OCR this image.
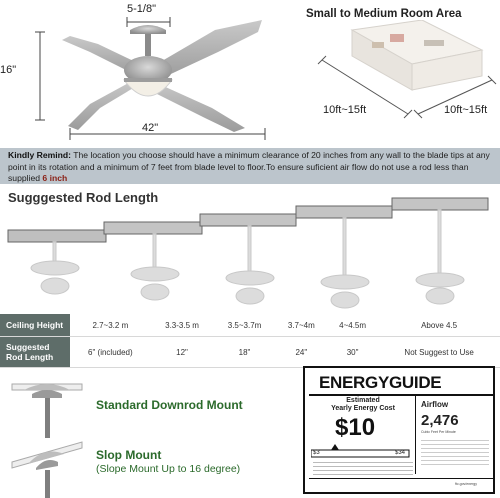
5-1/8"
16"
42"
Small to Medium Room Area
10ft~15ft	10ft~15ft
Kindly Remind: The location you choose should have a minimum clearance of 20 inches from any wall to the blade tips at any point in its rotation and a minimum of 7 feet from blade level to floor.To ensure suficient air flow do not use a rod less than supplied 6 inch
Sugggested Rod Length
Ceiling Height	2.7~3.2 m	3.3-3.5 m	3.5~3.7m	3.7~4m	4~4.5m	Above 4.5
Suggested Rod Length	6" (included)	12"	18"	24"	30"	Not Suggest to Use
Standard Downrod Mount
Slop Mount
(Slope Mount Up to 16 degree)
ENERGYGUIDE
Estimated
Yearly Energy Cost
$10
$3	$34
Airflow
2,476
Cubic Feet Per Minute
ftc.gov/energy
